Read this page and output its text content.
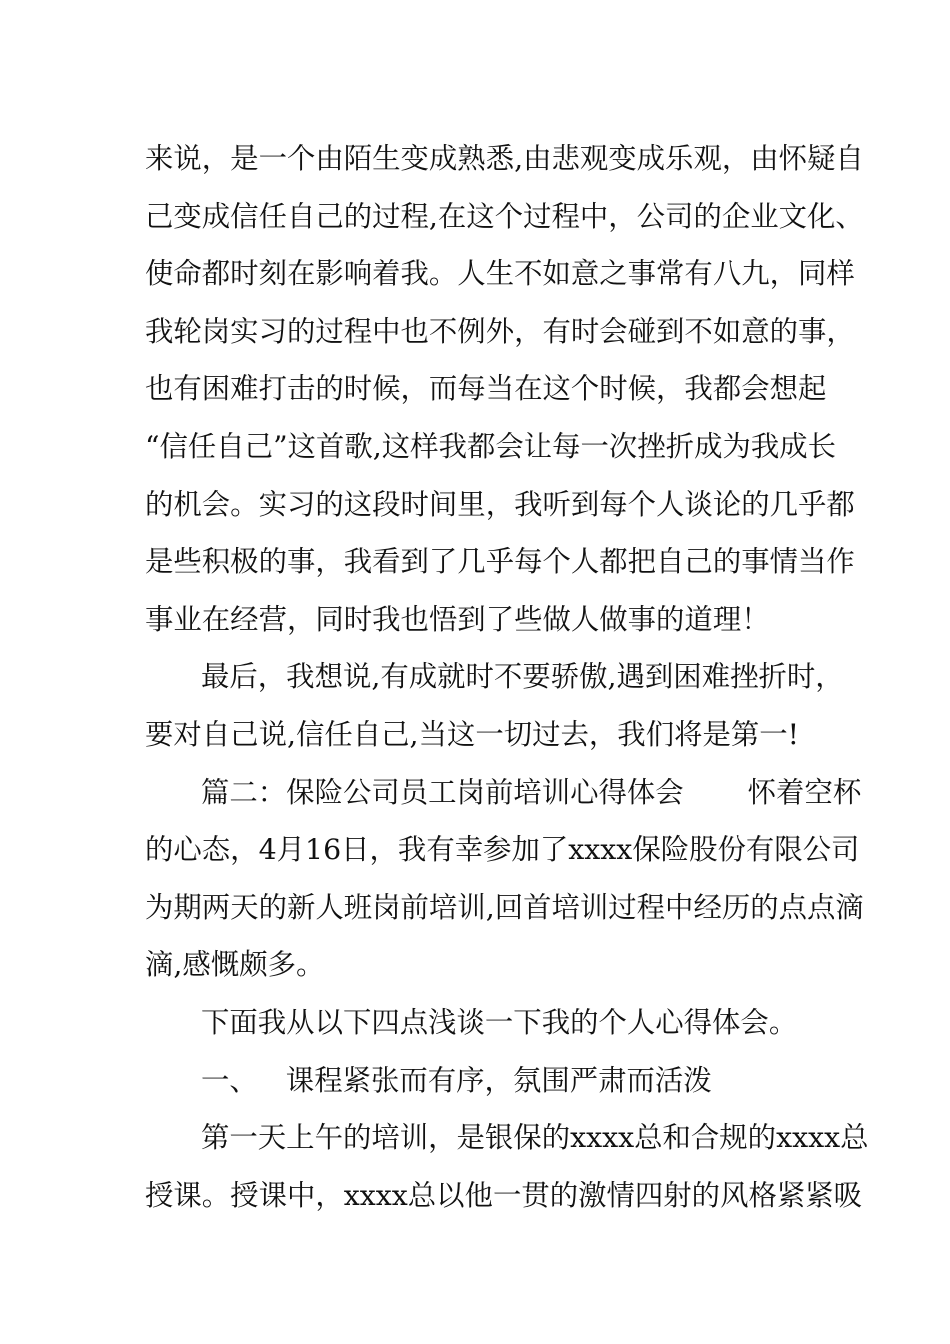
来说，是一个由陌生变成熟悉,由悲观变成乐观，由怀疑自
己变成信任自己的过程,在这个过程中，公司的企业文化、
使命都时刻在影响着我。人生不如意之事常有八九，同样
我轮岗实习的过程中也不例外，有时会碰到不如意的事，
也有困难打击的时候，而每当在这个时候，我都会想起
“信任自己”这首歌,这样我都会让每一次挫折成为我成长
的机会。实习的这段时间里，我听到每个人谈论的几乎都
是些积极的事，我看到了几乎每个人都把自己的事情当作
事业在经营，同时我也悟到了些做人做事的道理！
最后，我想说,有成就时不要骄傲,遇到困难挫折时，
要对自己说,信任自己,当这一切过去，我们将是第一!
篇二：保险公司员工岗前培训心得体会 怀着空杯
的心态，4月16日，我有幸参加了xxxx保险股份有限公司
为期两天的新人班岗前培训,回首培训过程中经历的点点滴
滴,感慨颇多。
下面我从以下四点浅谈一下我的个人心得体会。
一、 课程紧张而有序，氛围严肃而活泼
第一天上午的培训，是银保的xxxx总和合规的xxxx总
授课。授课中，xxxx总以他一贯的激情四射的风格紧紧吸
